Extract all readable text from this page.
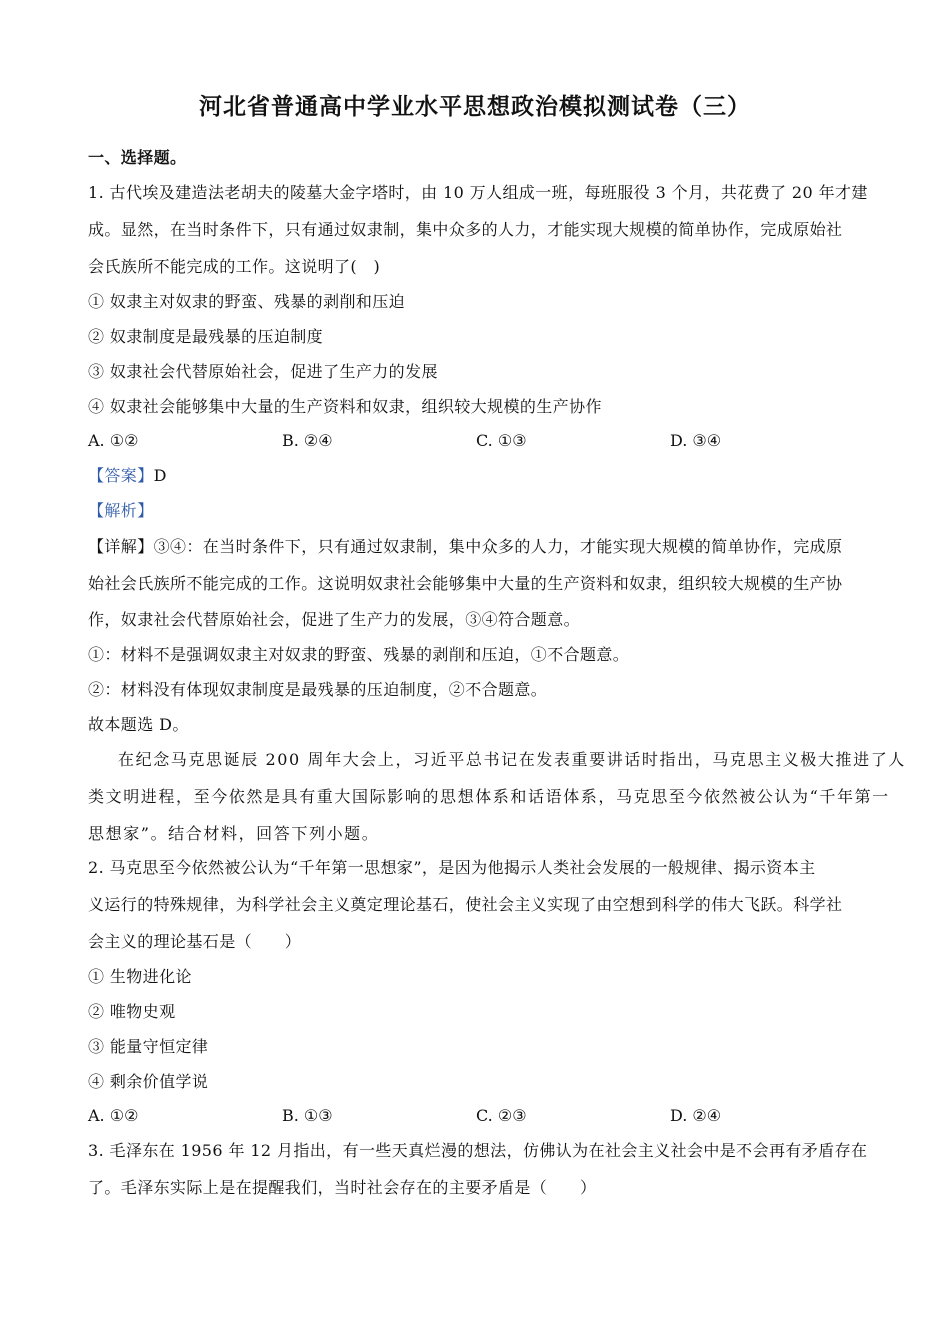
河北省普通高中学业水平思想政治模拟测试卷（三）
一、选择题。
1. 古代埃及建造法老胡夫的陵墓大金字塔时，由 10 万人组成一班，每班服役 3 个月，共花费了 20 年才建
成。显然，在当时条件下，只有通过奴隶制，集中众多的人力，才能实现大规模的简单协作，完成原始社
会氏族所不能完成的工作。这说明了(　)
① 奴隶主对奴隶的野蛮、残暴的剥削和压迫
② 奴隶制度是最残暴的压迫制度
③ 奴隶社会代替原始社会，促进了生产力的发展
④ 奴隶社会能够集中大量的生产资料和奴隶，组织较大规模的生产协作
A. ①②	B. ②④	C. ①③	D. ③④
【答案】D
【解析】
【详解】③④：在当时条件下，只有通过奴隶制，集中众多的人力，才能实现大规模的简单协作，完成原
始社会氏族所不能完成的工作。这说明奴隶社会能够集中大量的生产资料和奴隶，组织较大规模的生产协
作，奴隶社会代替原始社会，促进了生产力的发展，③④符合题意。
①：材料不是强调奴隶主对奴隶的野蛮、残暴的剥削和压迫，①不合题意。
②：材料没有体现奴隶制度是最残暴的压迫制度，②不合题意。
故本题选 D。
在纪念马克思诞辰 200 周年大会上，习近平总书记在发表重要讲话时指出，马克思主义极大推进了人
类文明进程，至今依然是具有重大国际影响的思想体系和话语体系，马克思至今依然被公认为“千年第一
思想家”。结合材料，回答下列小题。
2. 马克思至今依然被公认为“千年第一思想家”，是因为他揭示人类社会发展的一般规律、揭示资本主
义运行的特殊规律，为科学社会主义奠定理论基石，使社会主义实现了由空想到科学的伟大飞跃。科学社
会主义的理论基石是（　　）
① 生物进化论
② 唯物史观
③ 能量守恒定律
④ 剩余价值学说
A. ①②	B. ①③	C. ②③	D. ②④
3. 毛泽东在 1956 年 12 月指出，有一些天真烂漫的想法，仿佛认为在社会主义社会中是不会再有矛盾存在
了。毛泽东实际上是在提醒我们，当时社会存在的主要矛盾是（　　）
